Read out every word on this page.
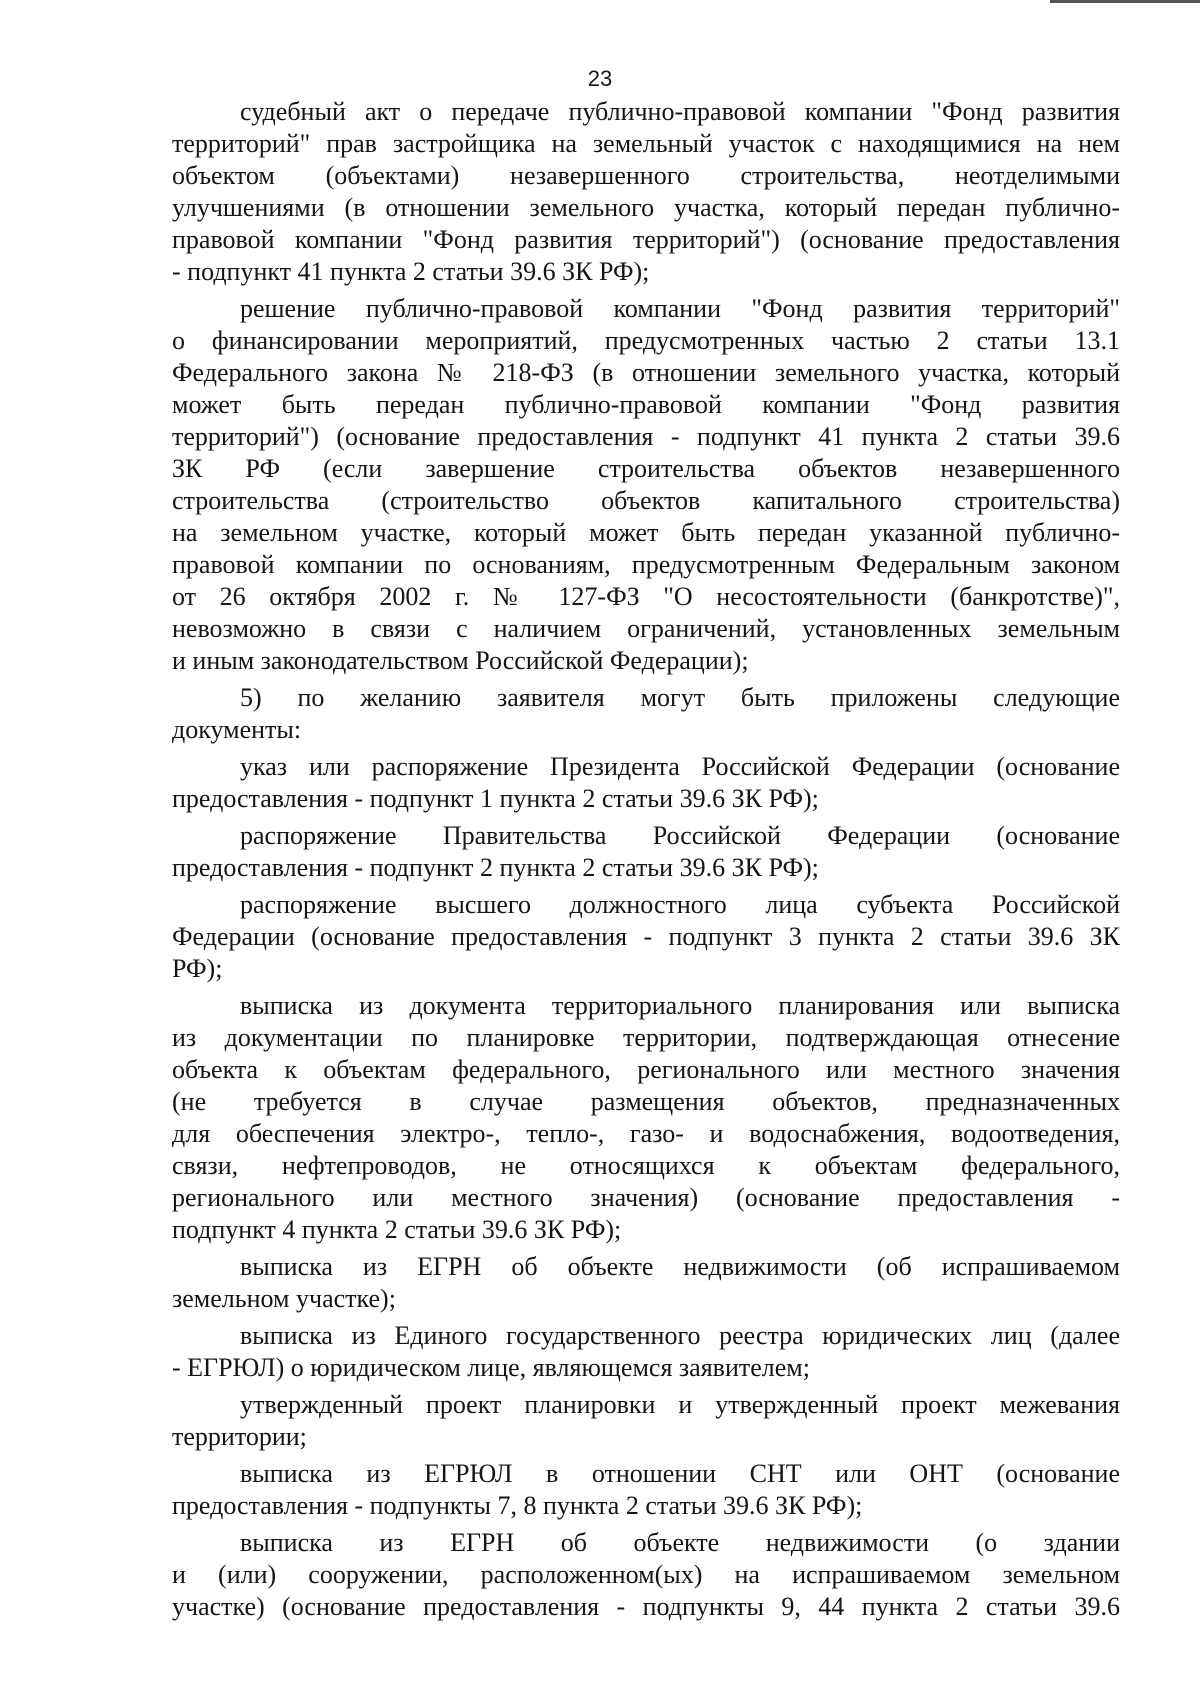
23
судебный акт о передаче публично-правовой компании "Фонд развития
территорий" прав застройщика на земельный участок с находящимися на нем
объектом (объектами) незавершенного строительства, неотделимыми
улучшениями (в отношении земельного участка, который передан публично-
правовой компании "Фонд развития территорий") (основание предоставления
- подпункт 41 пункта 2 статьи 39.6 ЗК РФ);
решение публично-правовой компании "Фонд развития территорий"
о финансировании мероприятий, предусмотренных частью 2 статьи 13.1
Федерального закона № 218-ФЗ (в отношении земельного участка, который
может быть передан публично-правовой компании "Фонд развития
территорий") (основание предоставления - подпункт 41 пункта 2 статьи 39.6
ЗК РФ (если завершение строительства объектов незавершенного
строительства (строительство объектов капитального строительства)
на земельном участке, который может быть передан указанной публично-
правовой компании по основаниям, предусмотренным Федеральным законом
от 26 октября 2002 г. № 127-ФЗ "О несостоятельности (банкротстве)",
невозможно в связи с наличием ограничений, установленных земельным
и иным законодательством Российской Федерации);
5) по желанию заявителя могут быть приложены следующие
документы:
указ или распоряжение Президента Российской Федерации (основание
предоставления - подпункт 1 пункта 2 статьи 39.6 ЗК РФ);
распоряжение Правительства Российской Федерации (основание
предоставления - подпункт 2 пункта 2 статьи 39.6 ЗК РФ);
распоряжение высшего должностного лица субъекта Российской
Федерации (основание предоставления - подпункт 3 пункта 2 статьи 39.6 ЗК
РФ);
выписка из документа территориального планирования или выписка
из документации по планировке территории, подтверждающая отнесение
объекта к объектам федерального, регионального или местного значения
(не требуется в случае размещения объектов, предназначенных
для обеспечения электро-, тепло-, газо- и водоснабжения, водоотведения,
связи, нефтепроводов, не относящихся к объектам федерального,
регионального или местного значения) (основание предоставления -
подпункт 4 пункта 2 статьи 39.6 ЗК РФ);
выписка из ЕГРН об объекте недвижимости (об испрашиваемом
земельном участке);
выписка из Единого государственного реестра юридических лиц (далее
- ЕГРЮЛ) о юридическом лице, являющемся заявителем;
утвержденный проект планировки и утвержденный проект межевания
территории;
выписка из ЕГРЮЛ в отношении СНТ или ОНТ (основание
предоставления - подпункты 7, 8 пункта 2 статьи 39.6 ЗК РФ);
выписка из ЕГРН об объекте недвижимости (о здании
и (или) сооружении, расположенном(ых) на испрашиваемом земельном
участке) (основание предоставления - подпункты 9, 44 пункта 2 статьи 39.6
